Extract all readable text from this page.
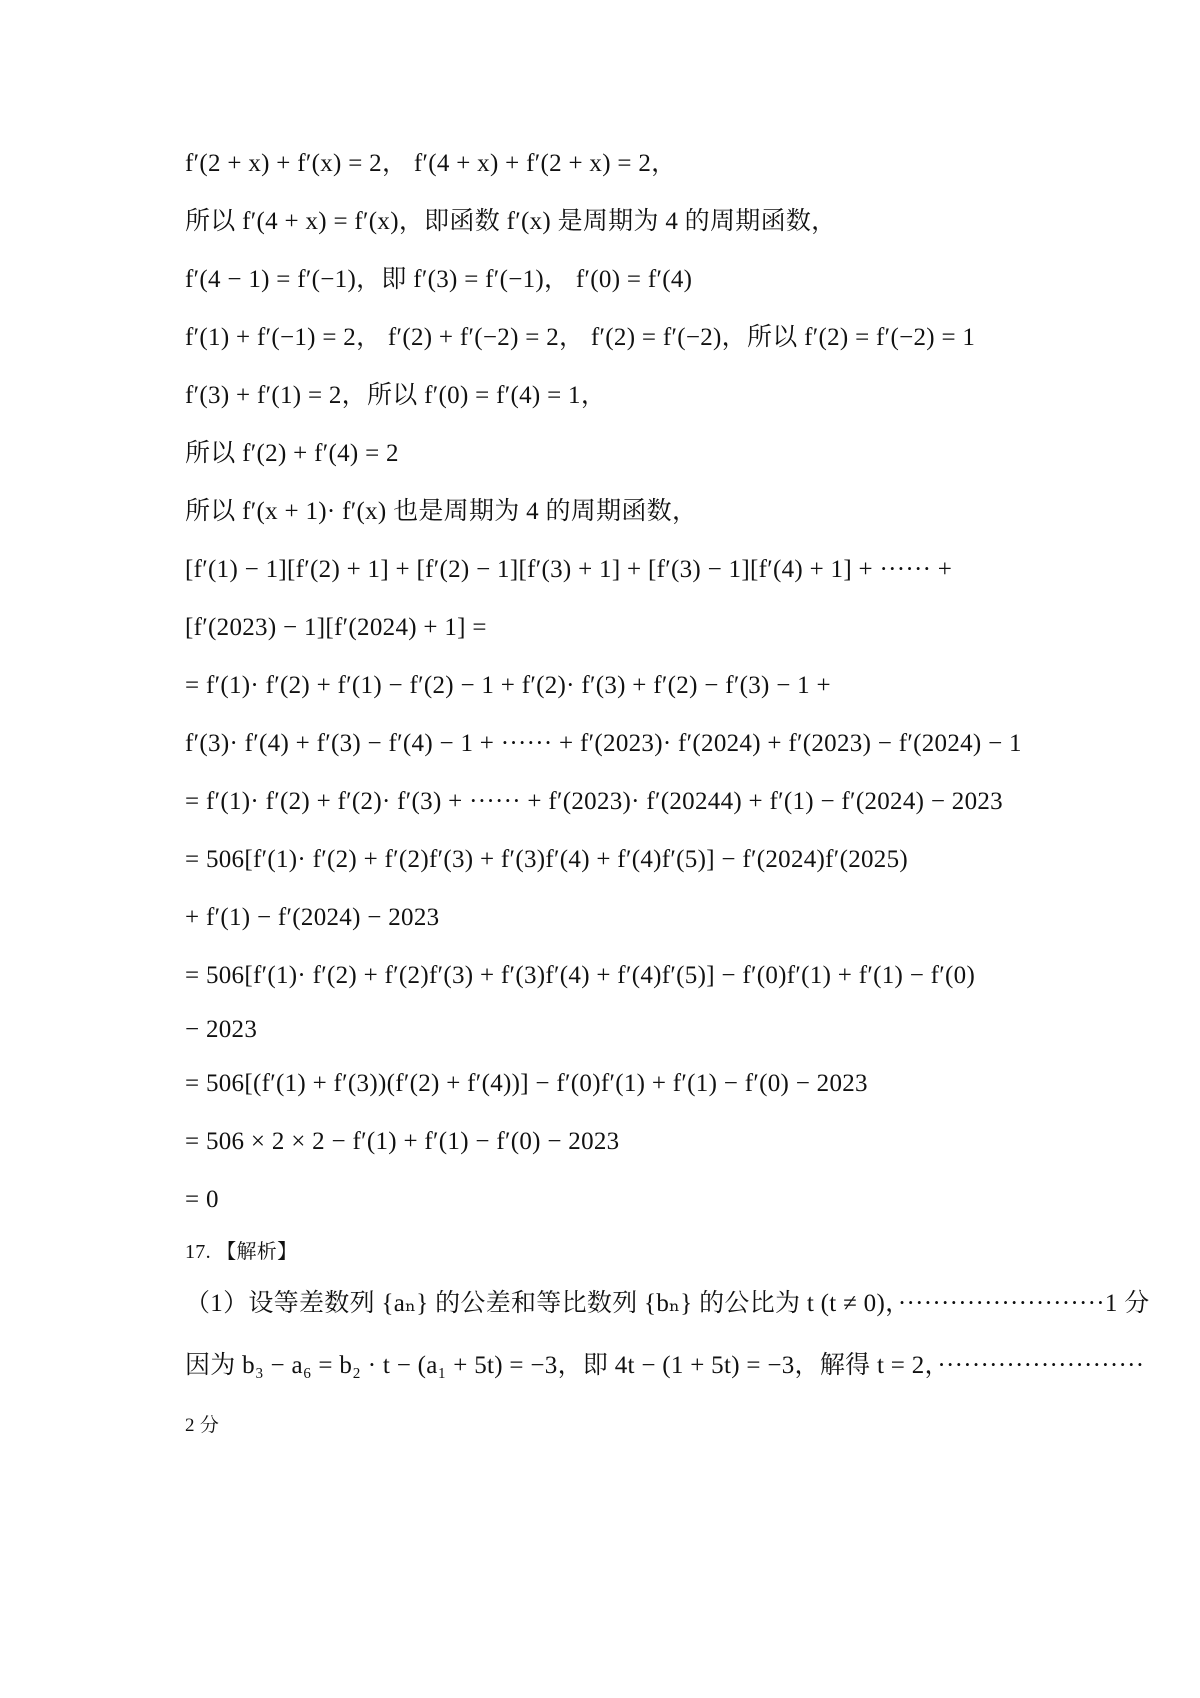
f′(2 + x) + f′(x) = 2， f′(4 + x) + f′(2 + x) = 2，
所以 f′(4 + x) = f′(x)，即函数 f′(x) 是周期为 4 的周期函数，
f′(4 − 1) = f′(−1)，即 f′(3) = f′(−1)， f′(0) = f′(4)
f′(1) + f′(−1) = 2， f′(2) + f′(−2) = 2， f′(2) = f′(−2)，所以 f′(2) = f′(−2) = 1
f′(3) + f′(1) = 2，所以 f′(0) = f′(4) = 1，
所以 f′(2) + f′(4) = 2
所以 f′(x + 1)· f′(x) 也是周期为 4 的周期函数，
[f′(1) − 1][f′(2) + 1] + [f′(2) − 1][f′(3) + 1] + [f′(3) − 1][f′(4) + 1] + ······ +
[f′(2023) − 1][f′(2024) + 1] =
= f′(1)· f′(2) + f′(1) − f′(2) − 1 + f′(2)· f′(3) + f′(2) − f′(3) − 1 +
f′(3)· f′(4) + f′(3) − f′(4) − 1 + ······ + f′(2023)· f′(2024) + f′(2023) − f′(2024) − 1
= f′(1)· f′(2) + f′(2)· f′(3) + ······ + f′(2023)· f′(20244) + f′(1) − f′(2024) − 2023
= 506[f′(1)· f′(2) + f′(2)f′(3) + f′(3)f′(4) + f′(4)f′(5)] − f′(2024)f′(2025)
+ f′(1) − f′(2024) − 2023
= 506[f′(1)· f′(2) + f′(2)f′(3) + f′(3)f′(4) + f′(4)f′(5)] − f′(0)f′(1) + f′(1) − f′(0)
− 2023
= 506[(f′(1) + f′(3))(f′(2) + f′(4))] − f′(0)f′(1) + f′(1) − f′(0) − 2023
= 506 × 2 × 2 − f′(1) + f′(1) − f′(0) − 2023
= 0
17. 【解析】
（1）设等差数列 {aₙ} 的公差和等比数列 {bₙ} 的公比为 t (t ≠ 0)，························1 分
因为 b₃ − a₆ = b₂ · t − (a₁ + 5t) = −3，即 4t − (1 + 5t) = −3，解得 t = 2，························
2 分
